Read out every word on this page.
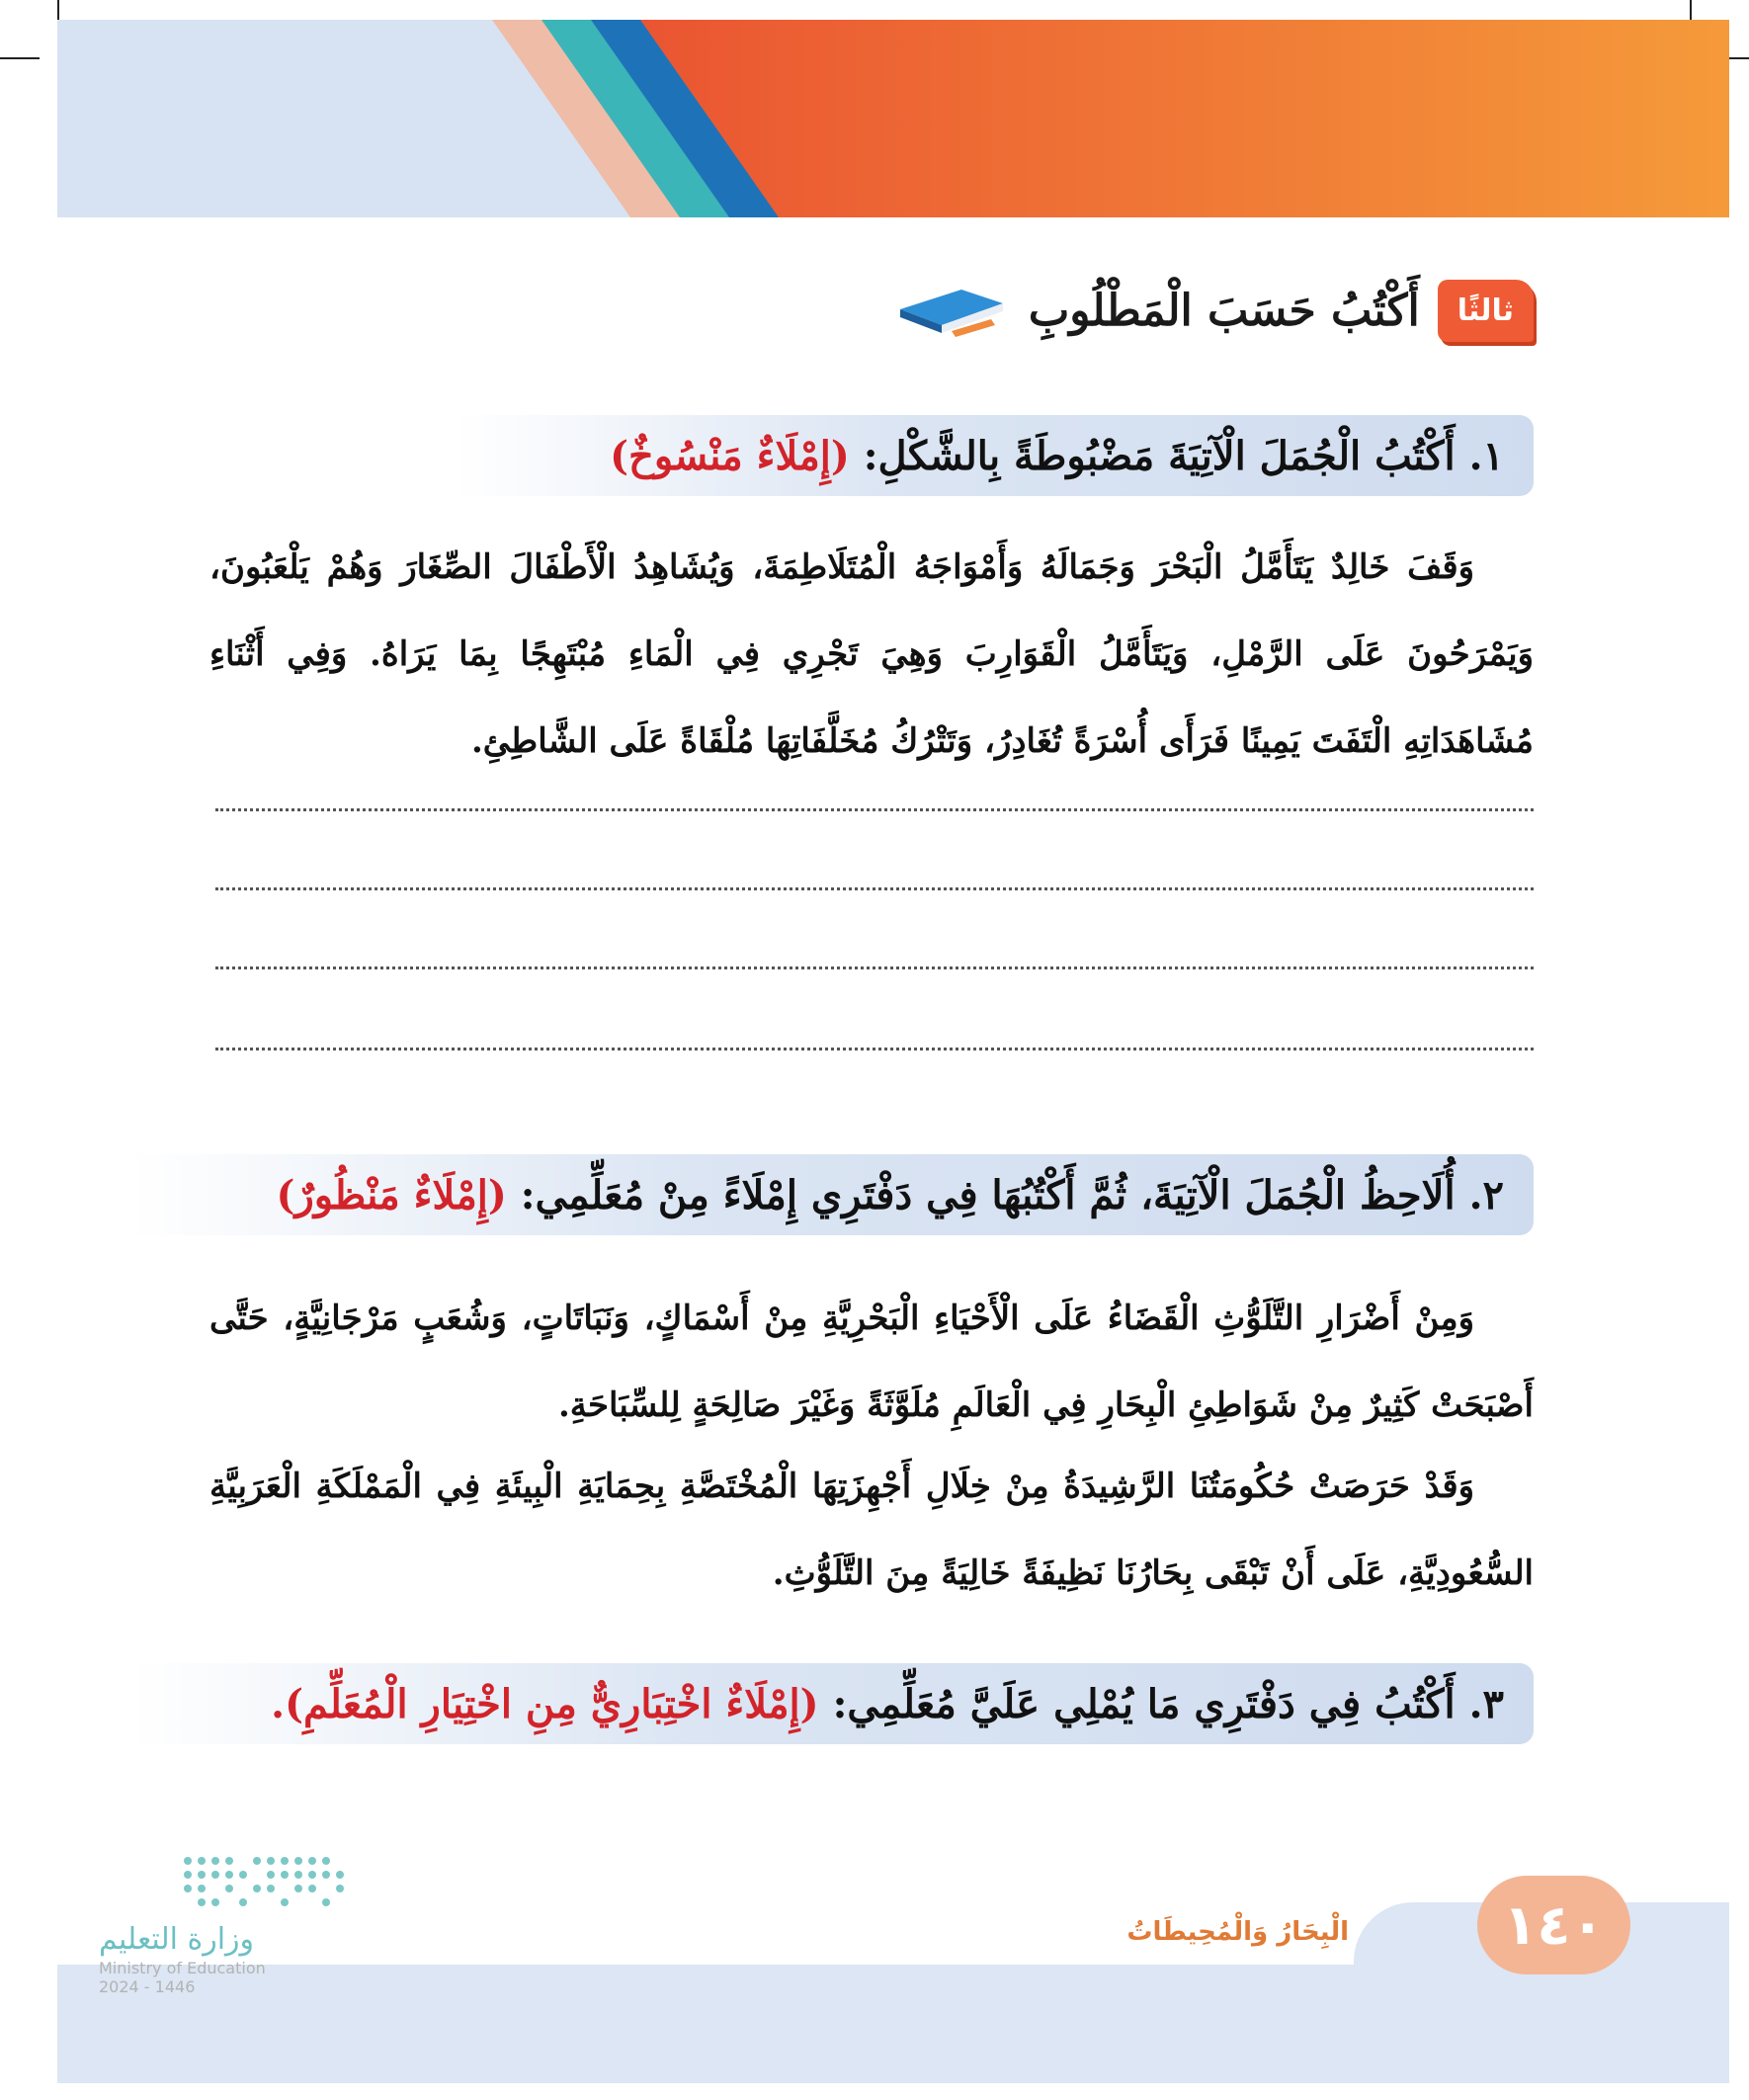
ثالثًا
أَكْتُبُ حَسَبَ الْمَطْلُوبِ
١.
أَكْتُبُ الْجُمَلَ الْآتِيَةَ مَضْبُوطَةً بِالشَّكْلِ:
(إِمْلَاءٌ مَنْسُوخٌ)
وَقَفَ خَالِدٌ يَتَأَمَّلُ الْبَحْرَ وَجَمَالَهُ وَأَمْوَاجَهُ الْمُتَلَاطِمَةَ، وَيُشَاهِدُ الْأَطْفَالَ الصِّغَارَ وَهُمْ يَلْعَبُونَ، وَيَمْرَحُونَ عَلَى الرَّمْلِ، وَيَتَأَمَّلُ الْقَوَارِبَ وَهِيَ تَجْرِي فِي الْمَاءِ مُبْتَهِجًا بِمَا يَرَاهُ. وَفِي أَثْنَاءِ مُشَاهَدَاتِهِ الْتَفَتَ يَمِينًا فَرَأَى أُسْرَةً تُغَادِرُ، وَتَتْرُكُ مُخَلَّفَاتِهَا مُلْقَاةً عَلَى الشَّاطِئِ.
٢.
أُلَاحِظُ الْجُمَلَ الْآتِيَةَ، ثُمَّ أَكْتُبُهَا فِي دَفْتَرِي إِمْلَاءً مِنْ مُعَلِّمِي:
(إِمْلَاءٌ مَنْظُورٌ)
وَمِنْ أَضْرَارِ التَّلَوُّثِ الْقَضَاءُ عَلَى الْأَحْيَاءِ الْبَحْرِيَّةِ مِنْ أَسْمَاكٍ، وَنَبَاتَاتٍ، وَشُعَبٍ مَرْجَانِيَّةٍ، حَتَّى أَصْبَحَتْ كَثِيرٌ مِنْ شَوَاطِئِ الْبِحَارِ فِي الْعَالَمِ مُلَوَّثَةً وَغَيْرَ صَالِحَةٍ لِلسِّبَاحَةِ.
وَقَدْ حَرَصَتْ حُكُومَتُنَا الرَّشِيدَةُ مِنْ خِلَالِ أَجْهِزَتِهَا الْمُخْتَصَّةِ بِحِمَايَةِ الْبِيئَةِ فِي الْمَمْلَكَةِ الْعَرَبِيَّةِ السُّعُودِيَّةِ، عَلَى أَنْ تَبْقَى بِحَارُنَا نَظِيفَةً خَالِيَةً مِنَ التَّلَوُّثِ.
٣.
أَكْتُبُ فِي دَفْتَرِي مَا يُمْلِي عَلَيَّ مُعَلِّمِي:
(إِمْلَاءٌ اخْتِبَارِيٌّ مِنِ اخْتِيَارِ الْمُعَلِّمِ).
١٤٠
الْبِحَارُ وَالْمُحِيطَاتُ
وزارة التعليم
Ministry of Education
2024 - 1446
